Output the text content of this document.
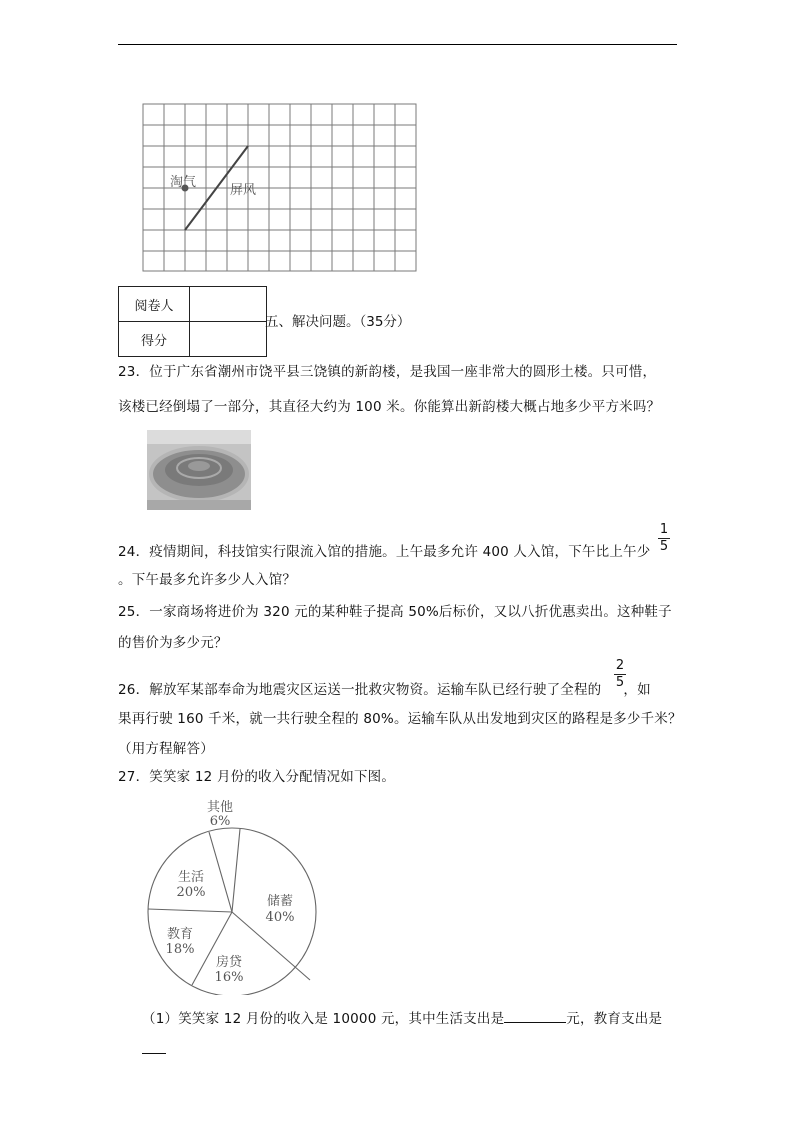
淘气
屏风
阅卷人	
得分	
五、解决问题。（35分）

23．位于广东省潮州市饶平县三饶镇的新韵楼，是我国一座非常大的圆形土楼。只可惜，

该楼已经倒塌了一部分，其直径大约为 100 米。你能算出新韵楼大概占地多少平方米吗？

24．疫情期间，科技馆实行限流入馆的措施。上午最多允许 400 人入馆，下午比上午少

。下午最多允许多少人入馆？

1
5

25．一家商场将进价为 320 元的某种鞋子提高 50%后标价，又以八折优惠卖出。这种鞋子

的售价为多少元？

26．解放军某部奉命为地震灾区运送一批救灾物资。运输车队已经行驶了全程的 ，如

果再行驶 160 千米，就一共行驶全程的 80%。运输车队从出发地到灾区的路程是多少千米？

（用方程解答）

2
5

27．笑笑家 12 月份的收入分配情况如下图。

其他
6%
生活
20%
储蓄
40%
教育
18%
房贷
16%

（1）笑笑家 12 月份的收入是 10000 元，其中生活支出是	元，教育支出是
